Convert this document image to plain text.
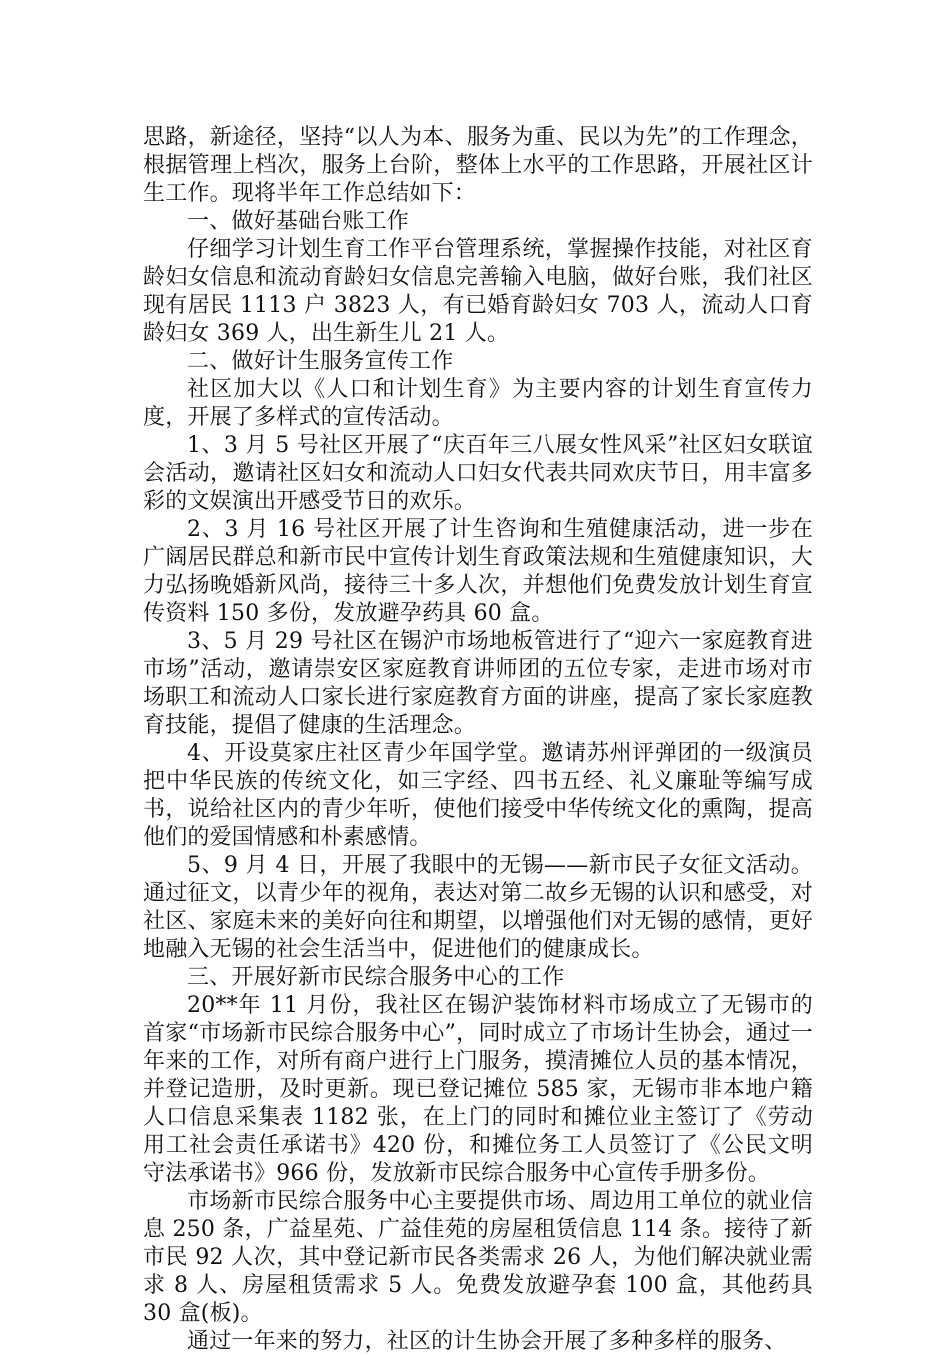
思路，新途径，坚持“以人为本、服务为重、民以为先”的工作理念，根据管理上档次，服务上台阶，整体上水平的工作思路，开展社区计生工作。现将半年工作总结如下：

一、做好基础台账工作

仔细学习计划生育工作平台管理系统，掌握操作技能，对社区育龄妇女信息和流动育龄妇女信息完善输入电脑，做好台账，我们社区现有居民 1113 户 3823 人，有已婚育龄妇女 703 人，流动人口育龄妇女 369 人，出生新生儿 21 人。

二、做好计生服务宣传工作

社区加大以《人口和计划生育》为主要内容的计划生育宣传力度，开展了多样式的宣传活动。

1、3 月 5 号社区开展了“庆百年三八展女性风采”社区妇女联谊会活动，邀请社区妇女和流动人口妇女代表共同欢庆节日，用丰富多彩的文娱演出开感受节日的欢乐。

2、3 月 16 号社区开展了计生咨询和生殖健康活动，进一步在广阔居民群总和新市民中宣传计划生育政策法规和生殖健康知识，大力弘扬晚婚新风尚，接待三十多人次，并想他们免费发放计划生育宣传资料 150 多份，发放避孕药具 60 盒。

3、5 月 29 号社区在锡沪市场地板管进行了“迎六一家庭教育进市场”活动，邀请崇安区家庭教育讲师团的五位专家，走进市场对市场职工和流动人口家长进行家庭教育方面的讲座，提高了家长家庭教育技能，提倡了健康的生活理念。

4、开设莫家庄社区青少年国学堂。邀请苏州评弹团的一级演员把中华民族的传统文化，如三字经、四书五经、礼义廉耻等编写成书，说给社区内的青少年听，使他们接受中华传统文化的熏陶，提高他们的爱国情感和朴素感情。

5、9 月 4 日，开展了我眼中的无锡——新市民子女征文活动。通过征文，以青少年的视角，表达对第二故乡无锡的认识和感受，对社区、家庭未来的美好向往和期望，以增强他们对无锡的感情，更好地融入无锡的社会生活当中，促进他们的健康成长。

三、开展好新市民综合服务中心的工作

20**年 11 月份，我社区在锡沪装饰材料市场成立了无锡市的首家“市场新市民综合服务中心”，同时成立了市场计生协会，通过一年来的工作，对所有商户进行上门服务，摸清摊位人员的基本情况，并登记造册，及时更新。现已登记摊位 585 家，无锡市非本地户籍人口信息采集表 1182 张，在上门的同时和摊位业主签订了《劳动用工社会责任承诺书》420 份，和摊位务工人员签订了《公民文明守法承诺书》966 份，发放新市民综合服务中心宣传手册多份。

市场新市民综合服务中心主要提供市场、周边用工单位的就业信息 250 条，广益星苑、广益佳苑的房屋租赁信息 114 条。接待了新市民 92 人次，其中登记新市民各类需求 26 人，为他们解决就业需求 8 人、房屋租赁需求 5 人。免费发放避孕套 100 盒，其他药具 30 盒(板)。

通过一年来的努力，社区的计生协会开展了多种多样的服务、
